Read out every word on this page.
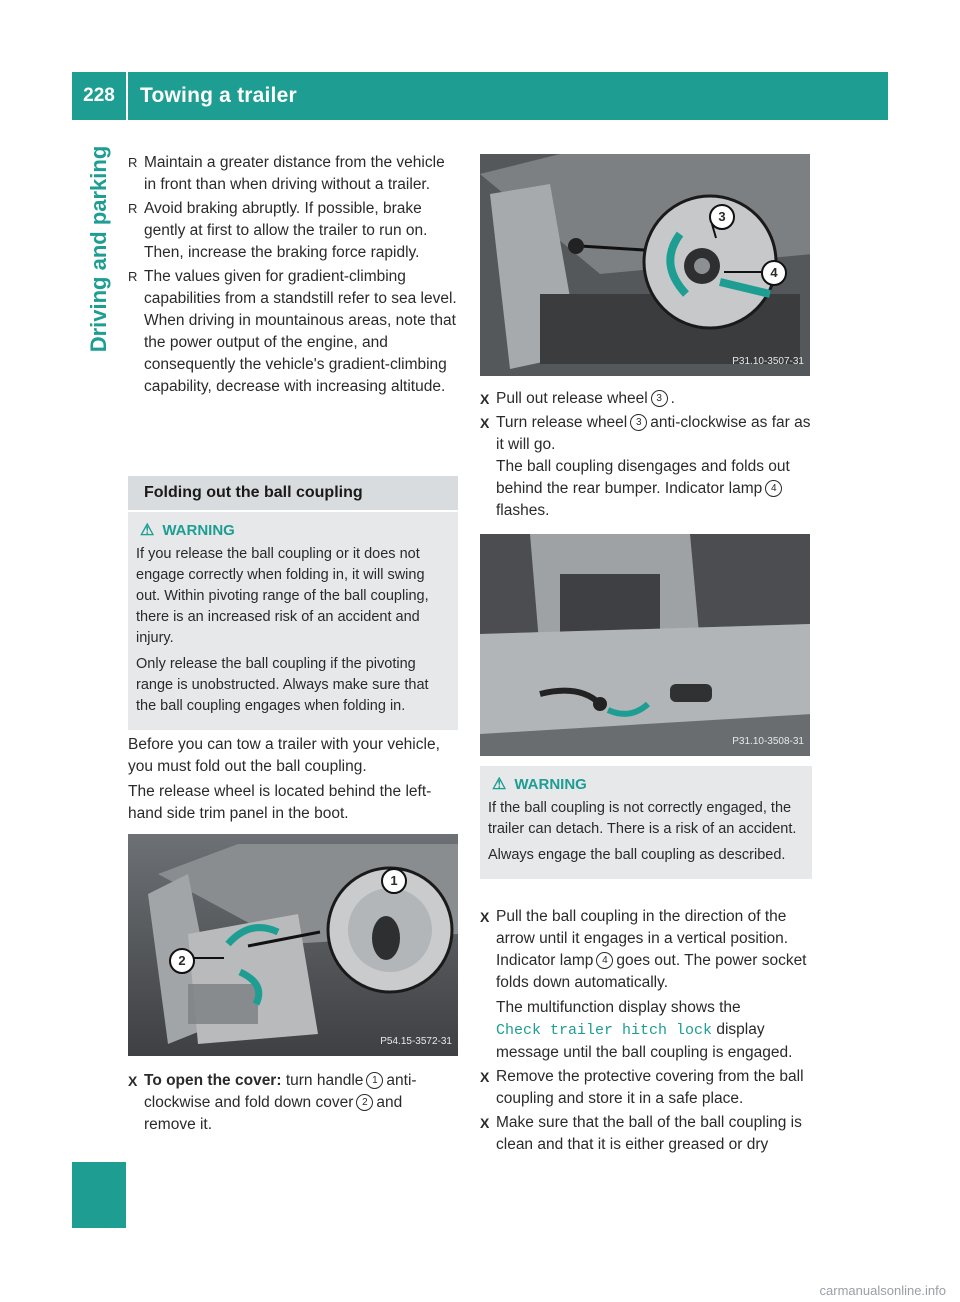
228	Towing a trailer
Driving and parking R Maintain a greater distance from the vehicle in front than when driving without a trailer.
R Avoid braking abruptly. If possible, brake gently at first to allow the trailer to run on. Then, increase the braking force rapidly.
R The values given for gradient-climbing capabilities from a standstill refer to sea level. When driving in mountainous areas, note that the power output of the engine, and consequently the vehicle's gradient-climbing capability, decrease with increasing altitude.
Folding out the ball coupling
⚠ WARNING

If you release the ball coupling or it does not engage correctly when folding in, it will swing out. Within pivoting range of the ball coupling, there is an increased risk of an accident and injury.

Only release the ball coupling if the pivoting range is unobstructed. Always make sure that the ball coupling engages when folding in.

Before you can tow a trailer with your vehicle, you must fold out the ball coupling.

The release wheel is located behind the left-hand side trim panel in the boot.

1
2
P54.15-3572-31
X To open the cover: turn handle 1 anti-clockwise and fold down cover 2 and remove it.
3
4
P31.10-3507-31
X Pull out release wheel 3 .
X Turn release wheel 3 anti-clockwise as far as it will go.
The ball coupling disengages and folds out behind the rear bumper. Indicator lamp 4flashes.
P31.10-3508-31
⚠ WARNING

If the ball coupling is not correctly engaged, the trailer can detach. There is a risk of an accident.

Always engage the ball coupling as described.

X Pull the ball coupling in the direction of the arrow until it engages in a vertical position. Indicator lamp 4 goes out. The power socket folds down automatically.
The multifunction display shows the
Check trailer hitch lock display message until the ball coupling is engaged.
X Remove the protective covering from the ball coupling and store it in a safe place.
X Make sure that the ball of the ball coupling is clean and that it is either greased or dry
carmanualsonline.info
